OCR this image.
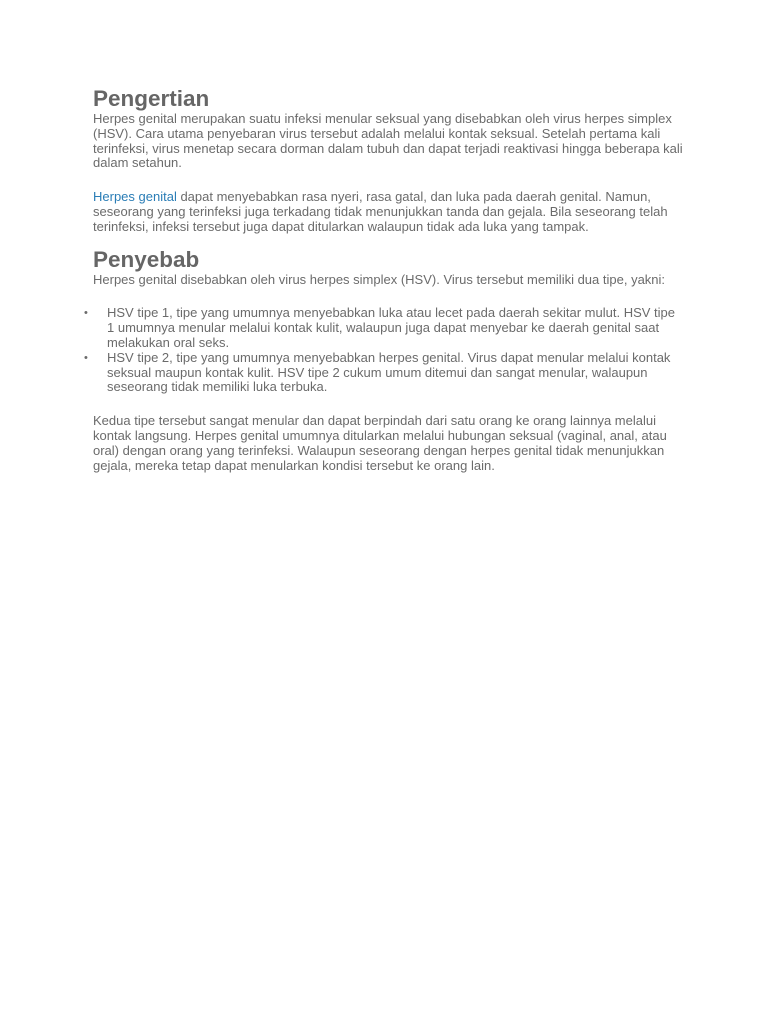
Pengertian

Herpes genital merupakan suatu infeksi menular seksual yang disebabkan oleh virus herpes simplex (HSV). Cara utama penyebaran virus tersebut adalah melalui kontak seksual. Setelah pertama kali terinfeksi, virus menetap secara dorman dalam tubuh dan dapat terjadi reaktivasi hingga beberapa kali dalam setahun.

Herpes genital dapat menyebabkan rasa nyeri, rasa gatal, dan luka pada daerah genital. Namun, seseorang yang terinfeksi juga terkadang tidak menunjukkan tanda dan gejala. Bila seseorang telah terinfeksi, infeksi tersebut juga dapat ditularkan walaupun tidak ada luka yang tampak.

Penyebab

Herpes genital disebabkan oleh virus herpes simplex (HSV). Virus tersebut memiliki dua tipe, yakni:

• HSV tipe 1, tipe yang umumnya menyebabkan luka atau lecet pada daerah sekitar mulut. HSV tipe 1 umumnya menular melalui kontak kulit, walaupun juga dapat menyebar ke daerah genital saat melakukan oral seks.
• HSV tipe 2, tipe yang umumnya menyebabkan herpes genital. Virus dapat menular melalui kontak seksual maupun kontak kulit. HSV tipe 2 cukum umum ditemui dan sangat menular, walaupun seseorang tidak memiliki luka terbuka.

Kedua tipe tersebut sangat menular dan dapat berpindah dari satu orang ke orang lainnya melalui kontak langsung. Herpes genital umumnya ditularkan melalui hubungan seksual (vaginal, anal, atau oral) dengan orang yang terinfeksi. Walaupun seseorang dengan herpes genital tidak menunjukkan gejala, mereka tetap dapat menularkan kondisi tersebut ke orang lain.
